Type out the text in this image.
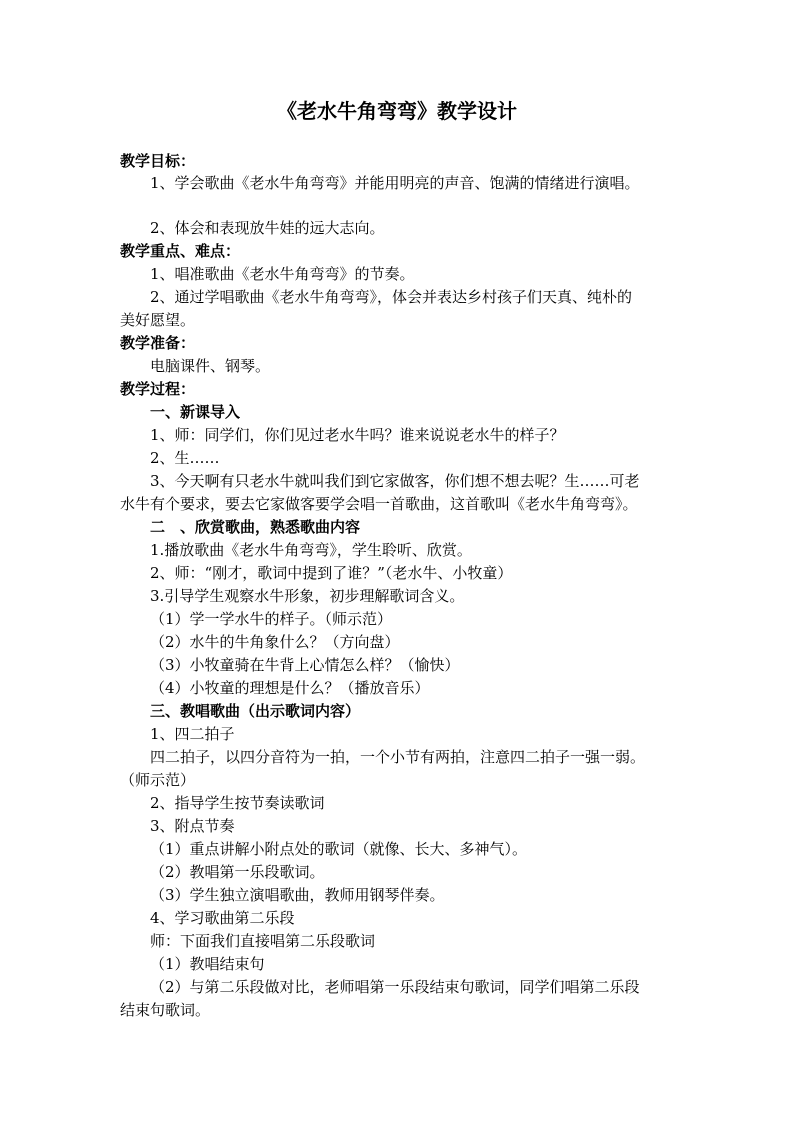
《老水牛角弯弯》教学设计
教学目标：
1、学会歌曲《老水牛角弯弯》并能用明亮的声音、饱满的情绪进行演唱。
2、体会和表现放牛娃的远大志向。
教学重点、难点：
1、唱准歌曲《老水牛角弯弯》的节奏。
2、通过学唱歌曲《老水牛角弯弯》，体会并表达乡村孩子们天真、纯朴的
美好愿望。
教学准备：
电脑课件、钢琴。
教学过程：
一、新课导入
1、师：同学们，你们见过老水牛吗？谁来说说老水牛的样子？
2、生……
3、今天啊有只老水牛就叫我们到它家做客，你们想不想去呢？生……可老
水牛有个要求，要去它家做客要学会唱一首歌曲，这首歌叫《老水牛角弯弯》。
二　、欣赏歌曲，熟悉歌曲内容
1.播放歌曲《老水牛角弯弯》，学生聆听、欣赏。
2、师：“刚才，歌词中提到了谁？”（老水牛、小牧童）
3.引导学生观察水牛形象，初步理解歌词含义。
（1）学一学水牛的样子。（师示范）
（2）水牛的牛角象什么？（方向盘）
（3）小牧童骑在牛背上心情怎么样？（愉快）
（4）小牧童的理想是什么？（播放音乐）
三、教唱歌曲（出示歌词内容）
1、四二拍子
四二拍子，以四分音符为一拍，一个小节有两拍，注意四二拍子一强一弱。
（师示范）
2、指导学生按节奏读歌词
3、附点节奏
（1）重点讲解小附点处的歌词（就像、长大、多神气）。
（2）教唱第一乐段歌词。
（3）学生独立演唱歌曲，教师用钢琴伴奏。
4、学习歌曲第二乐段
师：下面我们直接唱第二乐段歌词
（1）教唱结束句
（2）与第二乐段做对比，老师唱第一乐段结束句歌词，同学们唱第二乐段
结束句歌词。
